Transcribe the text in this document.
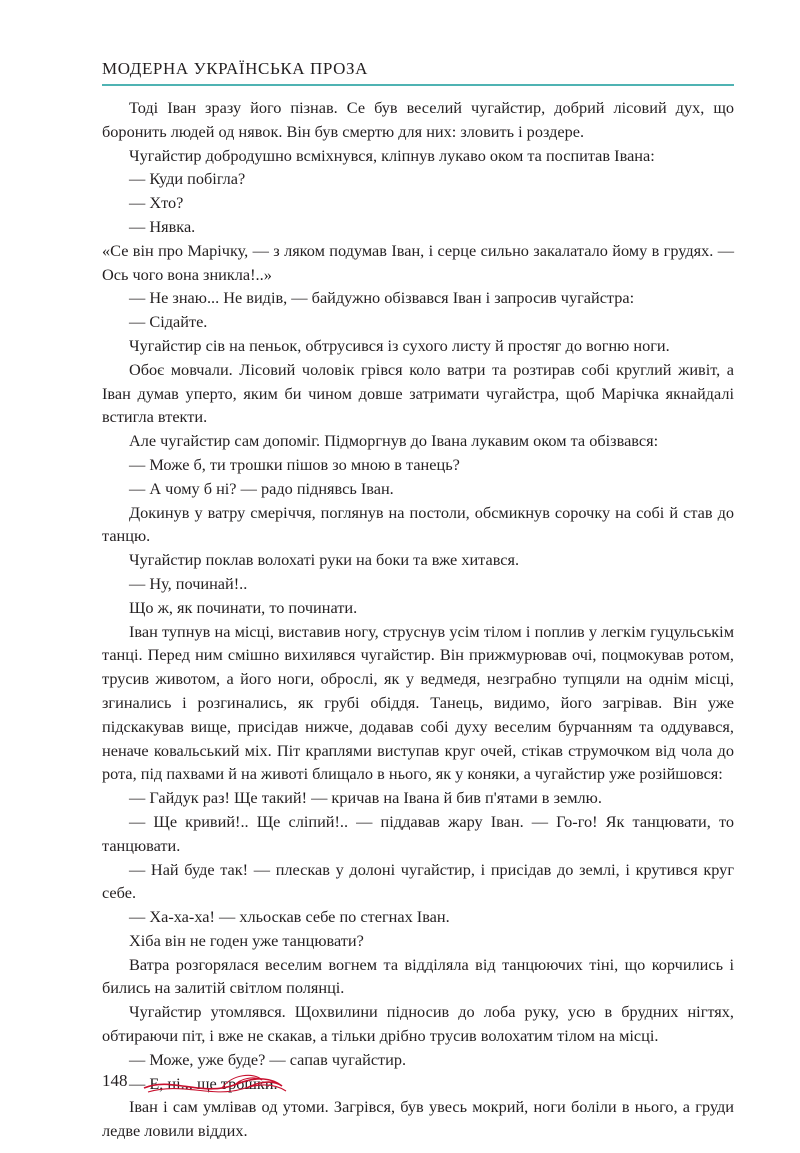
МОДЕРНА УКРАЇНСЬКА ПРОЗА

Тоді Іван зразу його пізнав. Се був веселий чугайстир, добрий лісовий дух, що боронить людей од нявок. Він був смертю для них: зловить і роздере.

Чугайстир добродушно всміхнувся, кліпнув лукаво оком та поспитав Івана:

— Куди побігла?

— Хто?

— Нявка.

«Се він про Марічку, — з ляком подумав Іван, і серце сильно закалатало йому в грудях. — Ось чого вона зникла!..»

— Не знаю... Не видів, — байдужно обізвався Іван і запросив чугайстра:

— Сідайте.

Чугайстир сів на пеньок, обтрусився із сухого листу й простяг до вогню ноги.

Обоє мовчали. Лісовий чоловік грівся коло ватри та розтирав собі круглий живіт, а Іван думав уперто, яким би чином довше затримати чугайстра, щоб Марічка якнайдалі встигла втекти.

Але чугайстир сам допоміг. Підморгнув до Івана лукавим оком та обізвався:

— Може б, ти трошки пішов зо мною в танець?

— А чому б ні? — радо піднявсь Іван.

Докинув у ватру смеріччя, поглянув на постоли, обсмикнув сорочку на собі й став до танцю.

Чугайстир поклав волохаті руки на боки та вже хитався.

— Ну, починай!..

Що ж, як починати, то починати.

Іван тупнув на місці, виставив ногу, струснув усім тілом і поплив у легкім гуцульськім танці. Перед ним смішно вихилявся чугайстир. Він прижмурював очі, поцмокував ротом, трусив животом, а його ноги, оброслі, як у ведмедя, незграбно тупцяли на однім місці, згинались і розгинались, як грубі обіддя. Танець, видимо, його загрівав. Він уже підскакував вище, присідав нижче, додавав собі духу веселим бурчанням та оддувався, неначе ковальський міх. Піт краплями виступав круг очей, стікав струмочком від чола до рота, під пахвами й на животі блищало в нього, як у коняки, а чугайстир уже розійшовся:

— Гайдук раз! Ще такий! — кричав на Івана й бив п'ятами в землю.

— Ще кривий!.. Ще сліпий!.. — піддавав жару Іван. — Го-го! Як танцювати, то танцювати.

— Най буде так! — плескав у долоні чугайстир, і присідав до землі, і крутився круг себе.

— Ха-ха-ха! — хльоскав себе по стегнах Іван.

Хіба він не годен уже танцювати?

Ватра розгорялася веселим вогнем та відділяла від танцюючих тіні, що корчились і бились на залитій світлом полянці.

Чугайстир утомлявся. Щохвилини підносив до лоба руку, усю в брудних нігтях, обтираючи піт, і вже не скакав, а тільки дрібно трусив волохатим тілом на місці.

— Може, уже буде? — сапав чугайстир.

— Е, ні... ще трошки.

Іван і сам умлівав од утоми. Загрівся, був увесь мокрий, ноги боліли в нього, а груди ледве ловили віддих.

148
